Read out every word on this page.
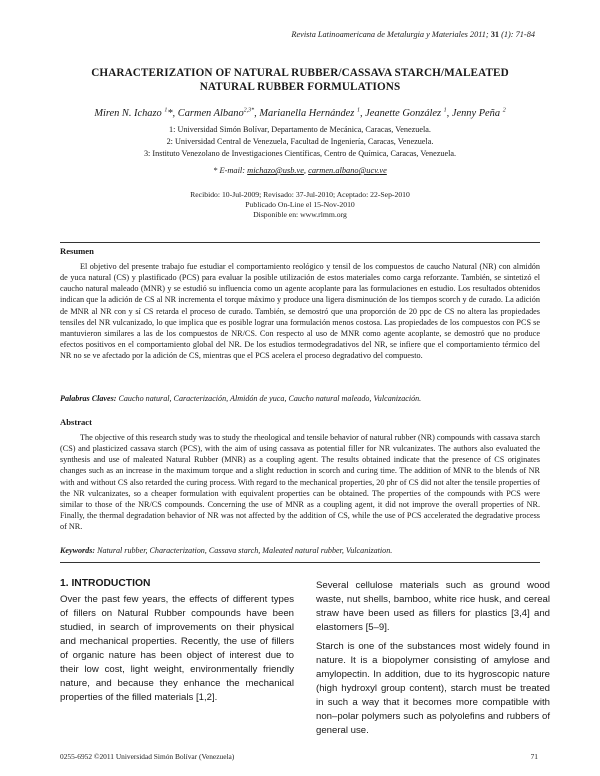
Revista Latinoamericana de Metalurgia y Materiales 2011; 31 (1): 71-84
CHARACTERIZATION OF NATURAL RUBBER/CASSAVA STARCH/MALEATED
NATURAL RUBBER FORMULATIONS
Miren N. Ichazo $^1$*, Carmen Albano$^{2,3*}$, Marianella Hernández $^1$, Jeanette González $^1$, Jenny Peña $^2$
1: Universidad Simón Bolívar, Departamento de Mecánica, Caracas, Venezuela.
2: Universidad Central de Venezuela, Facultad de Ingeniería, Caracas, Venezuela.
3: Instituto Venezolano de Investigaciones Científicas, Centro de Química, Caracas, Venezuela.
* E-mail: michazo@usb.ve, carmen.albano@ucv.ve
Recibido: 10-Jul-2009; Revisado: 37-Jul-2010; Aceptado: 22-Sep-2010
Publicado On-Line el 15-Nov-2010
Disponible en: www.rlmm.org
Resumen

El objetivo del presente trabajo fue estudiar el comportamiento reológico y tensil de los compuestos de caucho Natural (NR) con almidón de yuca natural (CS) y plastificado (PCS) para evaluar la posible utilización de estos materiales como carga reforzante. También, se sintetizó el caucho natural maleado (MNR) y se estudió su influencia como un agente acoplante para las formulaciones en estudio. Los resultados obtenidos indican que la adición de CS al NR incrementa el torque máximo y produce una ligera disminución de los tiempos scorch y de curado. La adición de MNR al NR con y sí CS retarda el proceso de curado. También, se demostró que una proporción de 20 ppc de CS no altera las propiedades tensiles del NR vulcanizado, lo que implica que es posible lograr una formulación menos costosa. Las propiedades de los compuestos con PCS se mantuvieron similares a las de los compuestos de NR/CS. Con respecto al uso de MNR como agente acoplante, se demostró que no produce efectos positivos en el comportamiento global del NR. De los estudios termodegradativos del NR, se infiere que el comportamiento térmico del NR no se ve afectado por la adición de CS, mientras que el PCS acelera el proceso degradativo del compuesto.

Palabras Claves: Caucho natural, Caracterización, Almidón de yuca, Caucho natural maleado, Vulcanización.
Abstract

The objective of this research study was to study the rheological and tensile behavior of natural rubber (NR) compounds with cassava starch (CS) and plasticized cassava starch (PCS), with the aim of using cassava as potential filler for NR vulcanizates. The authors also evaluated the synthesis and use of maleated Natural Rubber (MNR) as a coupling agent. The results obtained indicate that the presence of CS originates changes such as an increase in the maximum torque and a slight reduction in scorch and curing time. The addition of MNR to the blends of NR with and without CS also retarded the curing process. With regard to the mechanical properties, 20 phr of CS did not alter the tensile properties of the NR vulcanizates, so a cheaper formulation with equivalent properties can be obtained. The properties of the compounds with PCS were similar to those of the NR/CS compounds. Concerning the use of MNR as a coupling agent, it did not improve the overall properties of NR. Finally, the thermal degradation behavior of NR was not affected by the addition of CS, while the use of PCS accelerated the degradative process of NR.

Keywords: Natural rubber, Characterization, Cassava starch, Maleated natural rubber, Vulcanization.
1. INTRODUCTION

Over the past few years, the effects of different types of fillers on Natural Rubber compounds have been studied, in search of improvements on their physical and mechanical properties. Recently, the use of fillers of organic nature has been object of interest due to their low cost, light weight, environmentally friendly nature, and because they enhance the mechanical properties of the filled materials [1,2].

Several cellulose materials such as ground wood waste, nut shells, bamboo, white rice husk, and cereal straw have been used as fillers for plastics [3,4] and elastomers [5–9].

Starch is one of the substances most widely found in nature. It is a biopolymer consisting of amylose and amylopectin. In addition, due to its hygroscopic nature (high hydroxyl group content), starch must be treated in such a way that it becomes more compatible with non–polar polymers such as polyolefins and rubbers of general use.

0255-6952 ©2011 Universidad Simón Bolívar (Venezuela)	71
